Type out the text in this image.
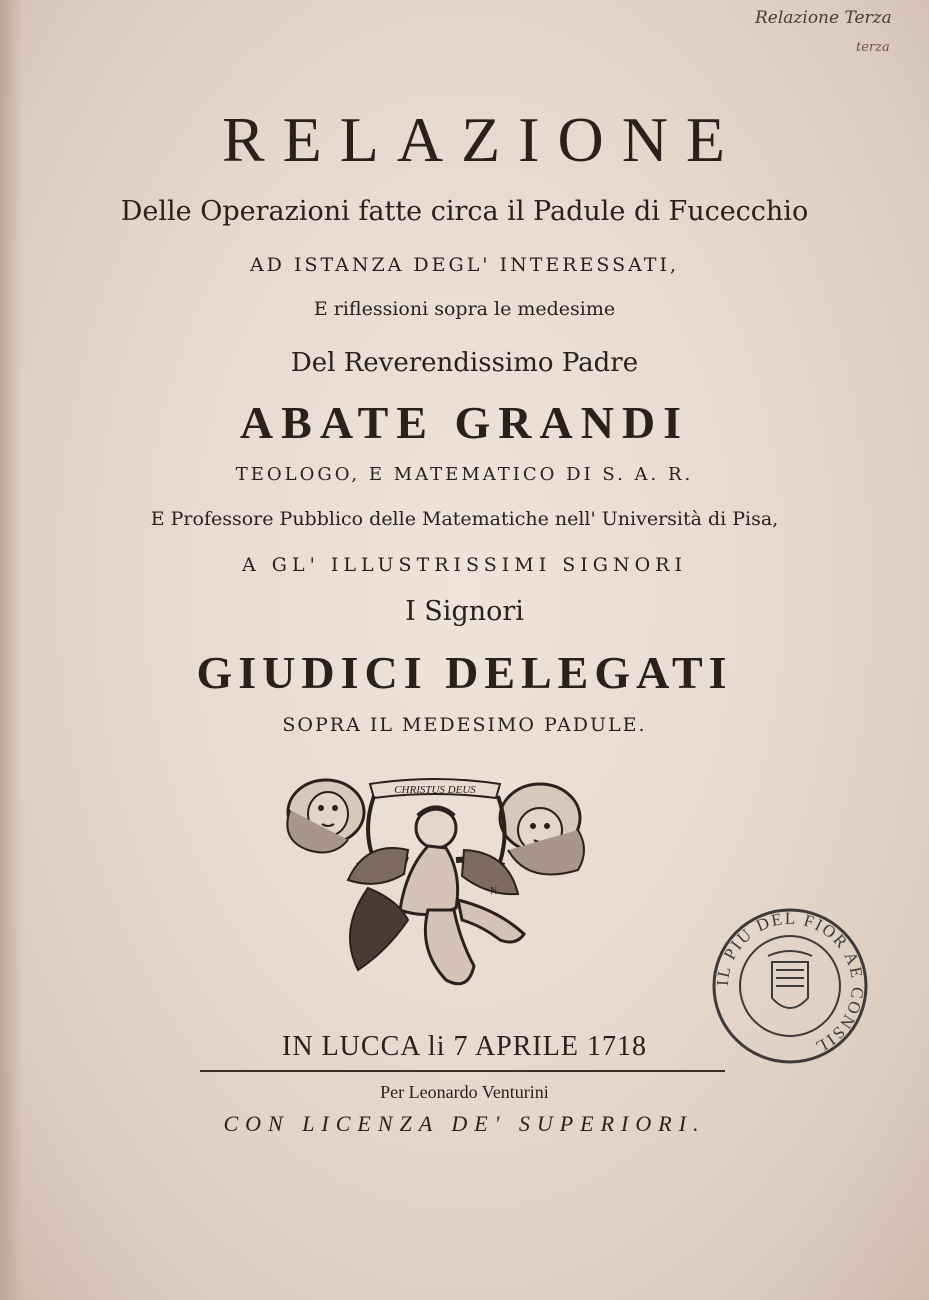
Relazione Terza
terza
RELAZIONE
Delle Operazioni fatte circa il Padule di Fucecchio
AD ISTANZA DEGL' INTERESSATI,
E riflessioni sopra le medesime
Del Reverendissimo Padre
ABATE GRANDI
TEOLOGO, E MATEMATICO DI S. A. R.
E Professore Pubblico delle Matematiche nell' Università di Pisa,
A GL' ILLUSTRISSIMI SIGNORI
I Signori
GIUDICI DELEGATI
SOPRA IL MEDESIMO PADULE.
CHRISTUS DEUS
N.
IN LUCCA li 7 APRILE 1718
Per Leonardo Venturini
CON LICENZA DE' SUPERIORI.
IL PIU DEL FIOR AE CONSIL
